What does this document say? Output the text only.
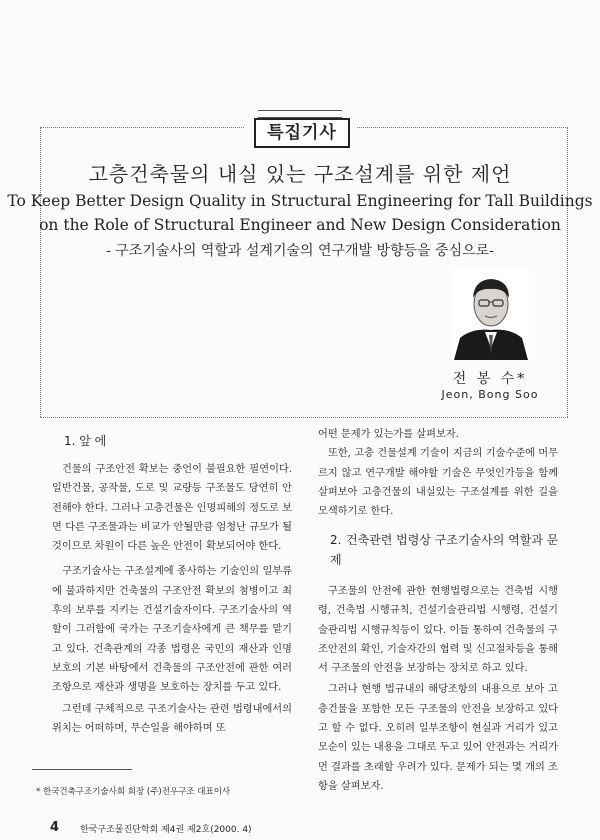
특집기사
고층건축물의 내실 있는 구조설계를 위한 제언
To Keep Better Design Quality in Structural Engineering for Tall Buildings
on the Role of Structural Engineer and New Design Consideration
- 구조기술사의 역할과 설계기술의 연구개발 방향등을 중심으로-
전 봉 수*
Jeon, Bong Soo
1. 앞 에

건물의 구조안전 확보는 중언이 불필요한 필연이다. 일반건물, 공작물, 도로 및 교량등 구조물도 당연히 안전해야 한다. 그러나 고층건물은 인명피해의 정도로 보면 다른 구조물과는 비교가 안될만큼 엄청난 규모가 될 것이므로 차원이 다른 높은 안전이 확보되어야 한다.

구조기술사는 구조설계에 종사하는 기술인의 일부류에 불과하지만 건축물의 구조안전 확보의 첨병이고 최후의 보루를 지키는 건설기술자이다. 구조기술사의 역할이 그러함에 국가는 구조기술사에게 큰 책무를 맡기고 있다. 건축관계의 각종 법령은 국민의 재산과 인명보호의 기본 바탕에서 건축물의 구조안전에 관한 여러 조항으로 재산과 생명을 보호하는 장치를 두고 있다.

그런데 구체적으로 구조기술사는 관련 법령내에서의 위치는 어떠하며, 무슨일을 해야하며 또

어떤 문제가 있는가를 살펴보자.

또한, 고층 건물설계 기술이 지금의 기술수준에 머무르지 않고 연구개발 해야할 기술은 무엇인가등을 함께 살펴보아 고층건물의 내실있는 구조설계를 위한 길을 모색하기로 한다.

2. 건축관련 법령상 구조기술사의 역할과 문제

구조물의 안전에 관한 현행법령으로는 건축법 시행령, 건축법 시행규칙, 건설기술관리법 시행령, 건설기술관리법 시행규칙등이 있다. 이들 통하여 건축물의 구조안전의 확인, 기술자간의 협력 및 신고절차등을 통해서 구조물의 안전을 보장하는 장치로 하고 있다.

그러나 현행 법규내의 해당조항의 내용으로 보아 고층건물을 포함한 모든 구조물의 안전을 보장하고 있다고 할 수 없다. 오히려 일부조항이 현실과 거리가 있고 모순이 있는 내용을 그대로 두고 있어 안전과는 거리가 먼 결과를 초래할 우려가 있다. 문제가 되는 몇 개의 조항을 살펴보자.

* 한국건축구조기술사회 회장 (주)전우구조 대표이사
4 한국구조물진단학회 제4권 제2호(2000. 4)
